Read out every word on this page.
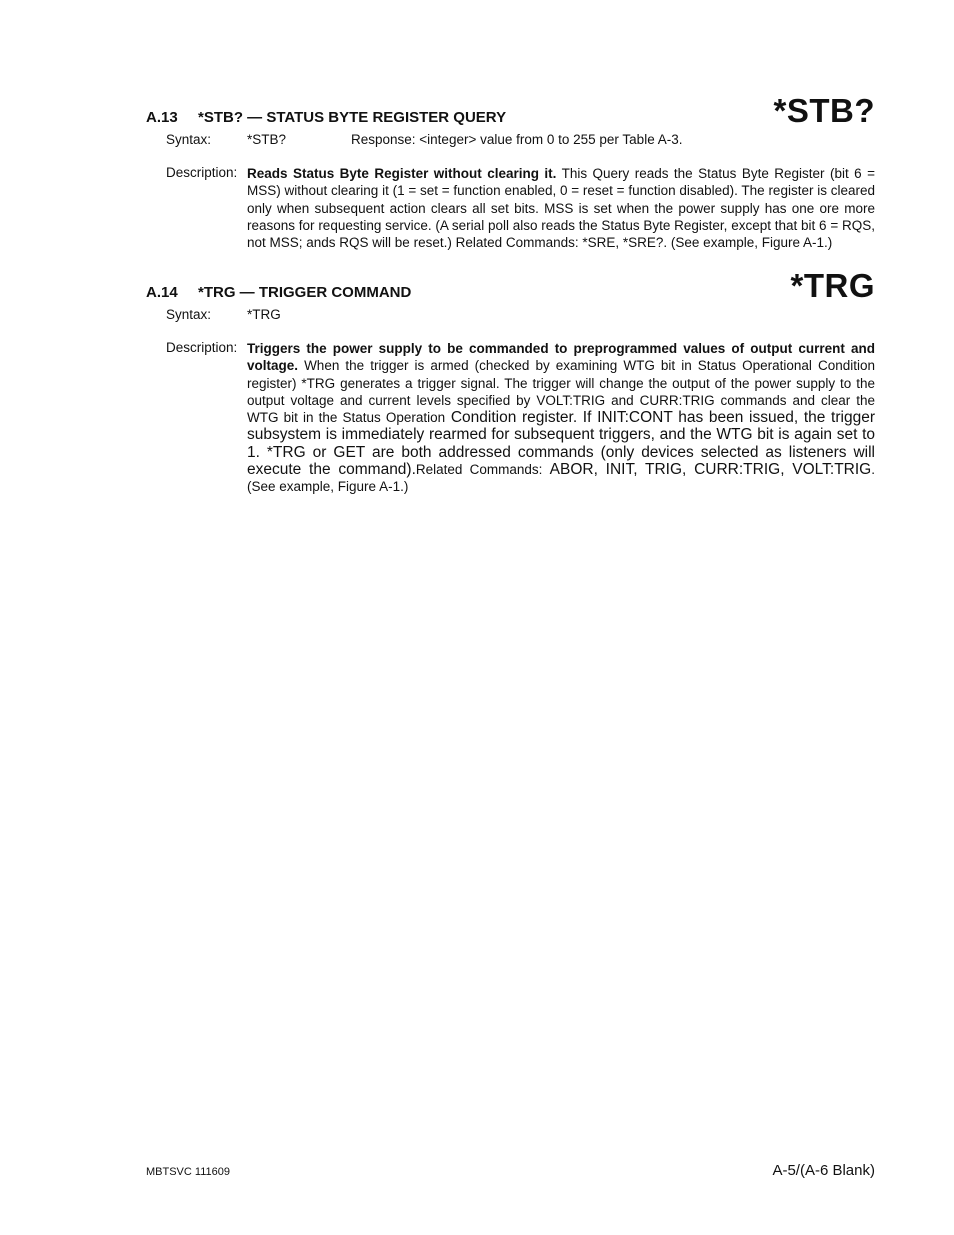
A.13 *STB? — STATUS BYTE REGISTER QUERY	*STB?
Syntax:	*STB?	Response: <integer> value from 0 to 255 per Table A-3.
Description: Reads Status Byte Register without clearing it. This Query reads the Status Byte Register (bit 6 = MSS) without clearing it (1 = set = function enabled, 0 = reset = function disabled). The register is cleared only when subsequent action clears all set bits. MSS is set when the power supply has one ore more reasons for requesting service. (A serial poll also reads the Status Byte Register, except that bit 6 = RQS, not MSS; ands RQS will be reset.) Related Commands: *SRE, *SRE?. (See example, Figure A-1.)

A.14 *TRG — TRIGGER COMMAND	*TRG
Syntax:	*TRG
Description: Triggers the power supply to be commanded to preprogrammed values of output current and voltage. When the trigger is armed (checked by examining WTG bit in Status Operational Condition register) *TRG generates a trigger signal. The trigger will change the output of the power supply to the output voltage and current levels specified by VOLT:TRIG and CURR:TRIG commands and clear the WTG bit in the Status Operation Condition register. If INIT:CONT has been issued, the trigger subsystem is immediately rearmed for subsequent triggers, and the WTG bit is again set to 1. *TRG or GET are both addressed commands (only devices selected as listeners will execute the command).Related Commands: ABOR, INIT, TRIG, CURR:TRIG, VOLT:TRIG. (See example, Figure A-1.)

MBTSVC 111609	A-5/(A-6 Blank)
